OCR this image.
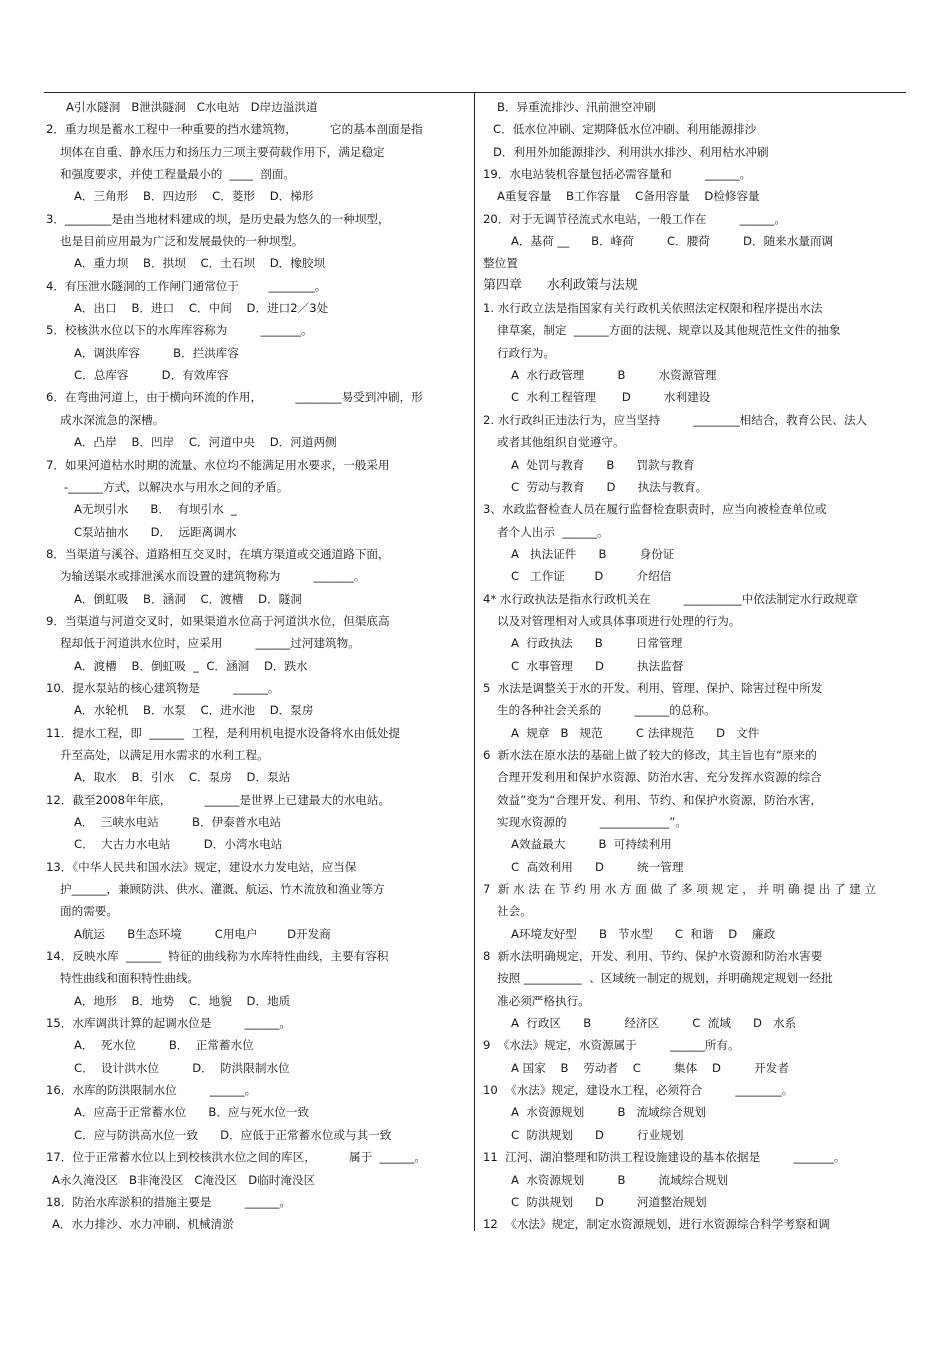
A引水隧洞   B泄洪隧洞   C水电站   D岸边溢洪道
2．重力坝是蓄水工程中一种重要的挡水建筑物，         它的基本剖面是指
坝体在自重、静水压力和扬压力三项主要荷载作用下，满足稳定
和强度要求，并使工程量最小的  ____  剖面。
A．三角形    B．四边形    C．菱形    D．梯形
3．________是由当地材料建成的坝，是历史最为悠久的一种坝型，
也是目前应用最为广泛和发展最快的一种坝型。
A．重力坝    B．拱坝    C．土石坝    D．橡胶坝
4．有压泄水隧洞的工作闸门通常位于        ________。
A．出口    B．进口    C．中间    D．进口2／3处
5．校核洪水位以下的水库库容称为         _______。
A．调洪库容         B．拦洪库容
C．总库容         D．有效库容
6．在弯曲河道上，由于横向环流的作用，         ________易受到冲刷，形
成水深流急的深槽。
A．凸岸    B．凹岸    C．河道中央    D．河道两侧
7．如果河道枯水时期的流量、水位均不能满足用水要求，一般采用
-______方式，以解决水与用水之间的矛盾。
A无坝引水      B．  有坝引水  _
C泵站抽水      D．  远距离调水
8．当渠道与溪谷、道路相互交叉时，在填方渠道或交通道路下面，
为输送渠水或排泄溪水而设置的建筑物称为         _______。
A．倒虹吸    B．涵洞    C．渡槽    D．隧洞
9．当渠道与河道交叉时，如果渠道水位高于河道洪水位，但渠底高
程却低于河道洪水位时，应采用         ______过河建筑物。
A．渡槽    B．倒虹吸  _  C．涵洞    D．跌水
10．提水泵站的核心建筑物是         ______。
A．水轮机    B．水泵    C．进水池    D．泵房
11．提水工程，即  ______  工程，是利用机电提水设备将水由低处提
升至高处，以满足用水需求的水利工程。
A．取水    B．引水    C．泵房    D．泵站
12．截至2008年年底，         ______是世界上已建最大的水电站。
A．  三峡水电站         B．伊泰普水电站
C．  大古力水电站         D．小湾水电站
13．《中华人民共和国水法》规定，建设水力发电站，应当保
护______，兼顾防洪、供水、灌溉、航运、竹木流放和渔业等方
面的需要。
A航运      B生态环境         C用电户        D开发商
14．反映水库  ______  特征的曲线称为水库特性曲线，主要有容积
特性曲线和面积特性曲线。
A．地形    B．地势    C．地貌    D．地质
15．水库调洪计算的起调水位是         ______。
A．  死水位         B．  正常蓄水位
C．  设计洪水位         D．  防洪限制水位
16．水库的防洪限制水位         ______。
A．应高于正常蓄水位      B．应与死水位一致
C．应与防洪高水位一致      D．应低于正常蓄水位或与其一致
17．位于正常蓄水位以上到校核洪水位之间的库区，         属于  ______。
A永久淹没区   B非淹没区   C淹没区   D临时淹没区
18．防治水库淤积的措施主要是         ______。
A．水力排沙、水力冲刷、机械清淤
B．异重流排沙、汛前泄空冲刷
C．低水位冲刷、定期降低水位冲刷、利用能源排沙
D．利用外加能源排沙、利用洪水排沙、利用枯水冲刷
19．水电站装机容量包括必需容量和         ______。
A重复容量    B工作容量    C备用容量    D检修容量
20．对于无调节径流式水电站，一般工作在         ______。
A．基荷 __      B．峰荷         C．腰荷         D．随来水量而调
整位置
第四章      水利政策与法规
1. 水行政立法是指国家有关行政机关依照法定权限和程序提出水法
律草案，制定  ______方面的法规、规章以及其他规范性文件的抽象
行政行为。
A  水行政管理         B         水资源管理
C  水利工程管理       D         水利建设
2. 水行政纠正违法行为，应当坚持         ________相结合，教育公民、法人
或者其他组织自觉遵守。
A  处罚与教育      B      罚款与教育
C  劳动与教育      D      执法与教育。
3、水政监督检查人员在履行监督检查职责时，应当向被检查单位或
者个人出示  ______。
A   执法证件      B         身份证
C   工作证        D         介绍信
4* 水行政执法是指水行政机关在         __________中依法制定水行政规章
以及对管理相对人或具体事项进行处理的行为。
A  行政执法      B         日常管理
C  水事管理      D         执法监督
5  水法是调整关于水的开发、利用、管理、保护、除害过程中所发
生的各种社会关系的         ______的总称。
A  规章   B   规范         C 法律规范      D   文件
6  新水法在原水法的基础上做了较大的修改，其主旨也有“原来的
合理开发利用和保护水资源、防治水害、充分发挥水资源的综合
效益”变为“合理开发、利用、节约、和保护水资源，防治水害，
实现水资源的         ____________”。
A效益最大         B  可持续利用
C  高效利用      D         统一管理
7  新 水 法 在 节 约 用 水 方 面 做 了 多 项 规 定 ， 并 明 确 提 出 了 建 立
社会。
A环境友好型      B   节水型      C  和谐    D    廉政
8  新水法明确规定，开发、利用、节约、保护水资源和防治水害要
按照 __________  、区域统一制定的规划，并明确规定规划一经批
准必须严格执行。
A  行政区      B         经济区         C  流域      D   水系
9  《水法》规定，水资源属于         ______所有。
A 国家    B    劳动者    C         集体    D         开发者
10  《水法》规定，建设水工程，必须符合         ________。
A  水资源规划         B   流域综合规划
C  防洪规划      D         行业规划
11  江河、湖泊整理和防洪工程设施建设的基本依据是         _______。
A  水资源规划         B         流域综合规划
C  防洪规划      D         河道整治规划
12  《水法》规定，制定水资源规划，进行水资源综合科学考察和调
